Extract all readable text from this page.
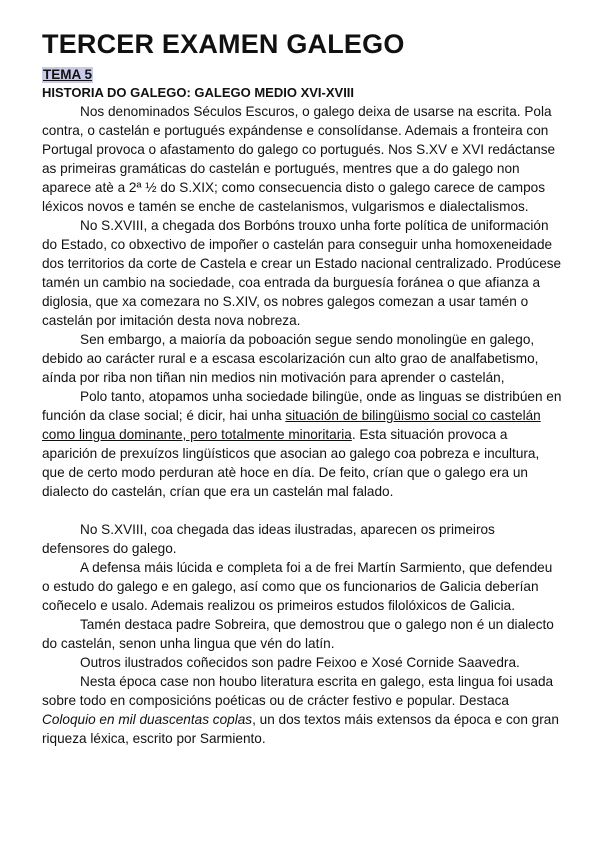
TERCER EXAMEN GALEGO
TEMA 5
HISTORIA DO GALEGO: GALEGO MEDIO XVI-XVIII

Nos denominados Séculos Escuros, o galego deixa de usarse na escrita. Pola contra, o castelán e portugués expándense e consolídanse. Ademais a fronteira con Portugal provoca o afastamento do galego co portugués. Nos S.XV e XVI redáctanse as primeiras gramáticas do castelán e portugués, mentres que a do galego non aparece atè a 2ª ½ do S.XIX; como consecuencia disto o galego carece de campos léxicos novos e tamén se enche de castelanismos, vulgarismos e dialectalismos.

No S.XVIII, a chegada dos Borbóns trouxo unha forte política de uniformación do Estado, co obxectivo de impoñer o castelán para conseguir unha homoxeneidade dos territorios da corte de Castela e crear un Estado nacional centralizado. Prodúcese tamén un cambio na sociedade, coa entrada da burguesía foránea o que afianza a diglosia, que xa comezara no S.XIV, os nobres galegos comezan a usar tamén o castelán por imitación desta nova nobreza.

Sen embargo, a maioría da poboación segue sendo monolingüe en galego, debido ao carácter rural e a escasa escolarización cun alto grao de analfabetismo, aínda por riba non tiñan nin medios nin motivación para aprender o castelán,

Polo tanto, atopamos unha sociedade bilingüe, onde as linguas se distribúen en función da clase social; é dicir, hai unha situación de bilingüismo social co castelán como lingua dominante, pero totalmente minoritaria. Esta situación provoca a aparición de prexuízos lingüísticos que asocian ao galego coa pobreza e incultura, que de certo modo perduran atè hoce en día. De feito, crían que o galego era un dialecto do castelán, crían que era un castelán mal falado.

No S.XVIII, coa chegada das ideas ilustradas, aparecen os primeiros defensores do galego.

A defensa máis lúcida e completa foi a de frei Martín Sarmiento, que defendeu o estudo do galego e en galego, así como que os funcionarios de Galicia deberían coñecelo e usalo. Ademais realizou os primeiros estudos filolóxicos de Galicia.

Tamén destaca padre Sobreira, que demostrou que o galego non é un dialecto do castelán, senon unha lingua que vén do latín.

Outros ilustrados coñecidos son padre Feixoo e Xosé Cornide Saavedra.

Nesta época case non houbo literatura escrita en galego, esta lingua foi usada sobre todo en composicións poéticas ou de crácter festivo e popular. Destaca Coloquio en mil duascentas coplas, un dos textos máis extensos da época e con gran riqueza léxica, escrito por Sarmiento.
